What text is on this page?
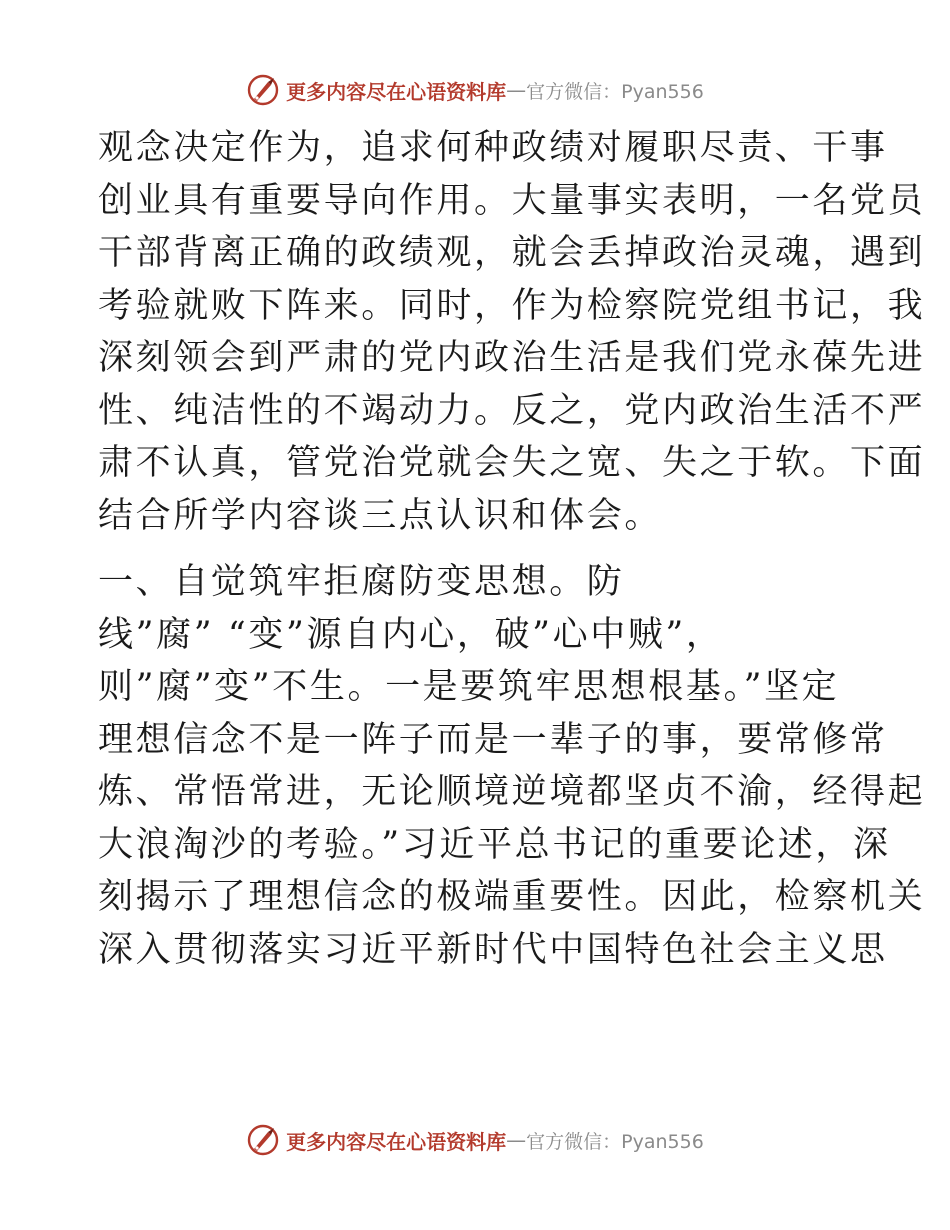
更多内容尽在心语资料库 — 官方微信：Pyan556
观念决定作为，追求何种政绩对履职尽责、干事
创业具有重要导向作用。大量事实表明，一名党员
干部背离正确的政绩观，就会丢掉政治灵魂，遇到
考验就败下阵来。同时，作为检察院党组书记，我
深刻领会到严肃的党内政治生活是我们党永葆先进
性、纯洁性的不竭动力。反之，党内政治生活不严
肃不认真，管党治党就会失之宽、失之于软。下面
结合所学内容谈三点认识和体会。
一、自觉筑牢拒腐防变思想。防
线”腐” “变”源自内心，破”心中贼”，
则”腐”变”不生。一是要筑牢思想根基。”坚定
理想信念不是一阵子而是一辈子的事，要常修常
炼、常悟常进，无论顺境逆境都坚贞不渝，经得起
大浪淘沙的考验。”习近平总书记的重要论述，深
刻揭示了理想信念的极端重要性。因此，检察机关
深入贯彻落实习近平新时代中国特色社会主义思
更多内容尽在心语资料库 — 官方微信：Pyan556
